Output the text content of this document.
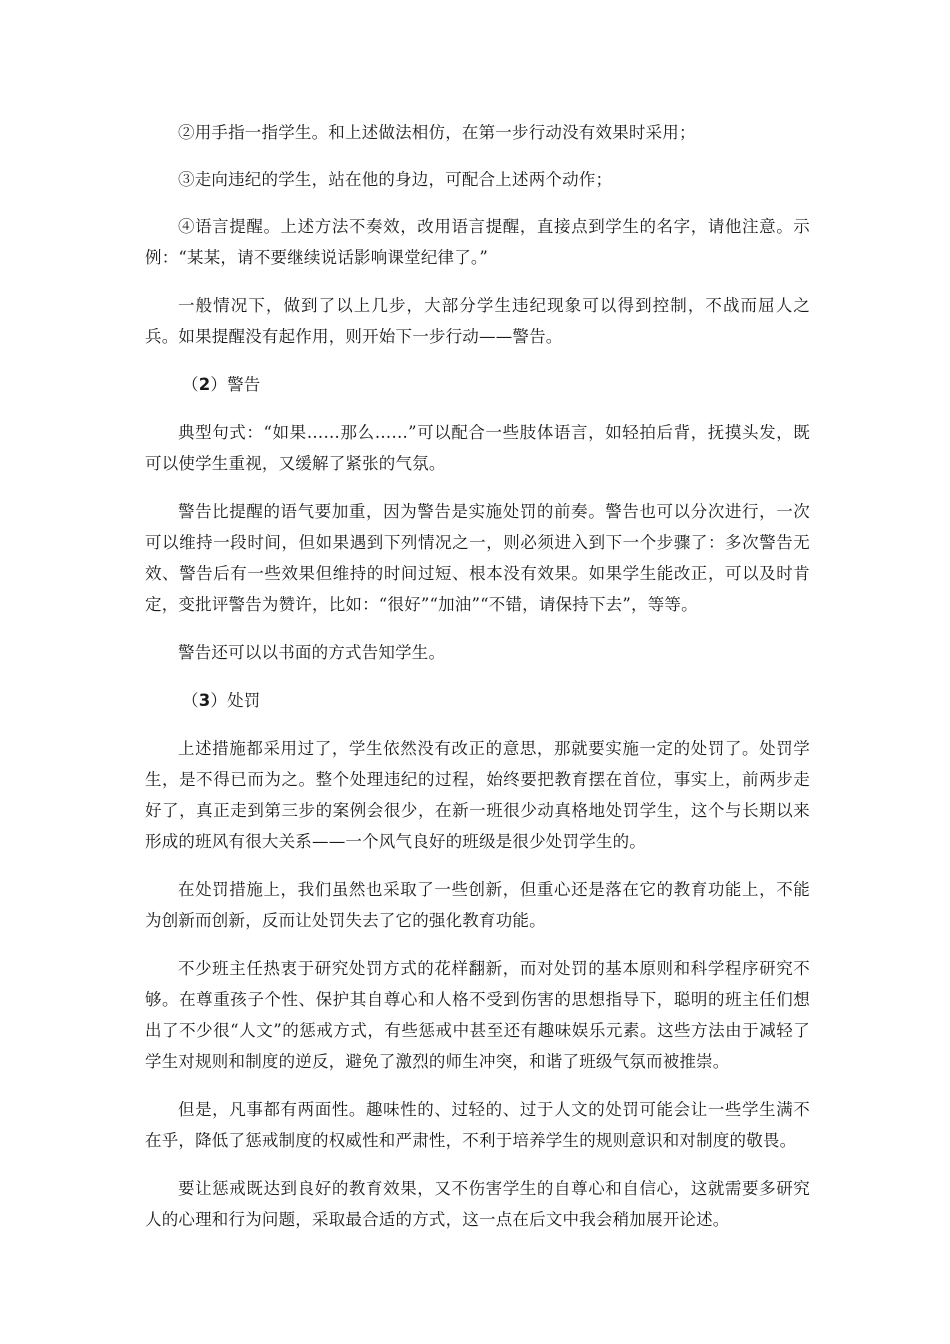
②用手指一指学生。和上述做法相仿，在第一步行动没有效果时采用；

③走向违纪的学生，站在他的身边，可配合上述两个动作；

④语言提醒。上述方法不奏效，改用语言提醒，直接点到学生的名字，请他注意。示例：“某某，请不要继续说话影响课堂纪律了。”

一般情况下，做到了以上几步，大部分学生违纪现象可以得到控制，不战而屈人之兵。如果提醒没有起作用，则开始下一步行动——警告。

（2）警告

典型句式：“如果……那么……”可以配合一些肢体语言，如轻拍后背，抚摸头发，既可以使学生重视，又缓解了紧张的气氛。

警告比提醒的语气要加重，因为警告是实施处罚的前奏。警告也可以分次进行，一次可以维持一段时间，但如果遇到下列情况之一，则必须进入到下一个步骤了：多次警告无效、警告后有一些效果但维持的时间过短、根本没有效果。如果学生能改正，可以及时肯定，变批评警告为赞许，比如：“很好”“加油”“不错，请保持下去”，等等。

警告还可以以书面的方式告知学生。

（3）处罚

上述措施都采用过了，学生依然没有改正的意思，那就要实施一定的处罚了。处罚学生，是不得已而为之。整个处理违纪的过程，始终要把教育摆在首位，事实上，前两步走好了，真正走到第三步的案例会很少，在新一班很少动真格地处罚学生，这个与长期以来形成的班风有很大关系——一个风气良好的班级是很少处罚学生的。

在处罚措施上，我们虽然也采取了一些创新，但重心还是落在它的教育功能上，不能为创新而创新，反而让处罚失去了它的强化教育功能。

不少班主任热衷于研究处罚方式的花样翻新，而对处罚的基本原则和科学程序研究不够。在尊重孩子个性、保护其自尊心和人格不受到伤害的思想指导下，聪明的班主任们想出了不少很“人文”的惩戒方式，有些惩戒中甚至还有趣味娱乐元素。这些方法由于减轻了学生对规则和制度的逆反，避免了激烈的师生冲突，和谐了班级气氛而被推崇。

但是，凡事都有两面性。趣味性的、过轻的、过于人文的处罚可能会让一些学生满不在乎，降低了惩戒制度的权威性和严肃性，不利于培养学生的规则意识和对制度的敬畏。

要让惩戒既达到良好的教育效果，又不伤害学生的自尊心和自信心，这就需要多研究人的心理和行为问题，采取最合适的方式，这一点在后文中我会稍加展开论述。
